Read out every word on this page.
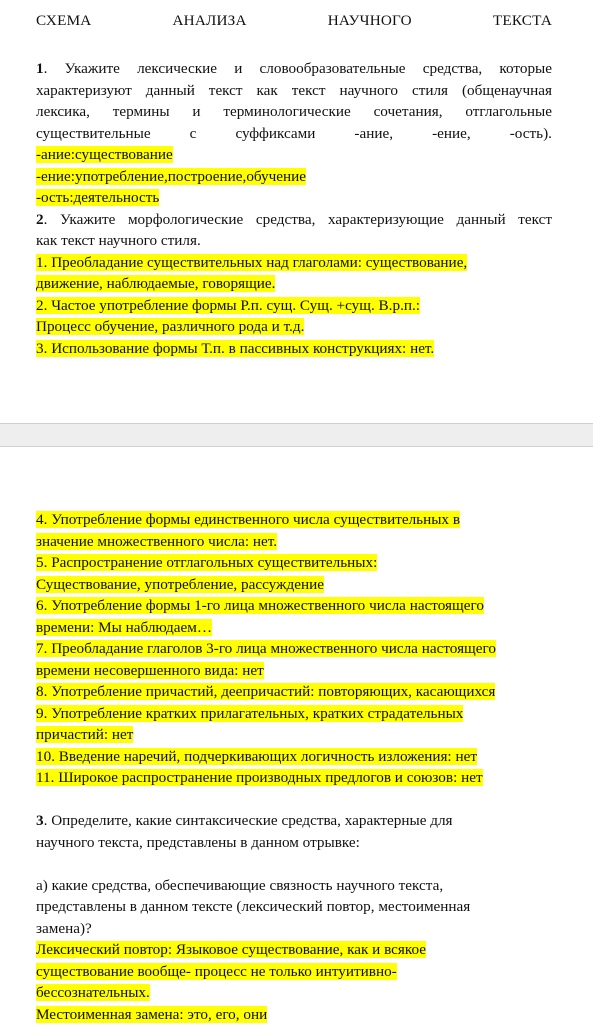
СХЕМА	АНАЛИЗА	НАУЧНОГО	ТЕКСТА

1. Укажите лексические и словообразовательные средства, которые

характеризуют данный текст как текст научного стиля (общенаучная

лексика, термины и терминологические сочетания, отглагольные

существительные	с	суффиксами	-ание,	-ение,	-ость).

-ание:существование

-ение:употребление,построение,обучение

-ость:деятельность

2. Укажите морфологические средства, характеризующие данный текст

как текст научного стиля.

1. Преобладание существительных над глаголами: существование,

движение, наблюдаемые, говорящие.

2. Частое употребление формы Р.п. сущ. Сущ. +сущ. В.р.п.:

Процесс обучение, различного рода и т.д.

3. Использование формы Т.п. в пассивных конструкциях: нет.

4. Употребление формы единственного числа существительных в

значение множественного числа: нет.

5. Распространение отглагольных существительных:

Существование, употребление, рассуждение

6. Употребление формы 1-го лица множественного числа настоящего

времени: Мы наблюдаем…

7. Преобладание глаголов 3-го лица множественного числа настоящего

времени несовершенного вида: нет

8. Употребление причастий, деепричастий: повторяющих, касающихся

9. Употребление кратких прилагательных, кратких страдательных

причастий: нет

10. Введение наречий, подчеркивающих логичность изложения: нет

11. Широкое распространение производных предлогов и союзов: нет

3. Определите, какие синтаксические средства, характерные для

научного текста, представлены в данном отрывке:

а) какие средства, обеспечивающие связность научного текста,

представлены в данном тексте (лексический повтор, местоименная

замена)?

Лексический повтор: Языковое существование, как и всякое

существование вообще- процесс не только интуитивно-

бессознательных.

Местоименная замена: это, его, они
